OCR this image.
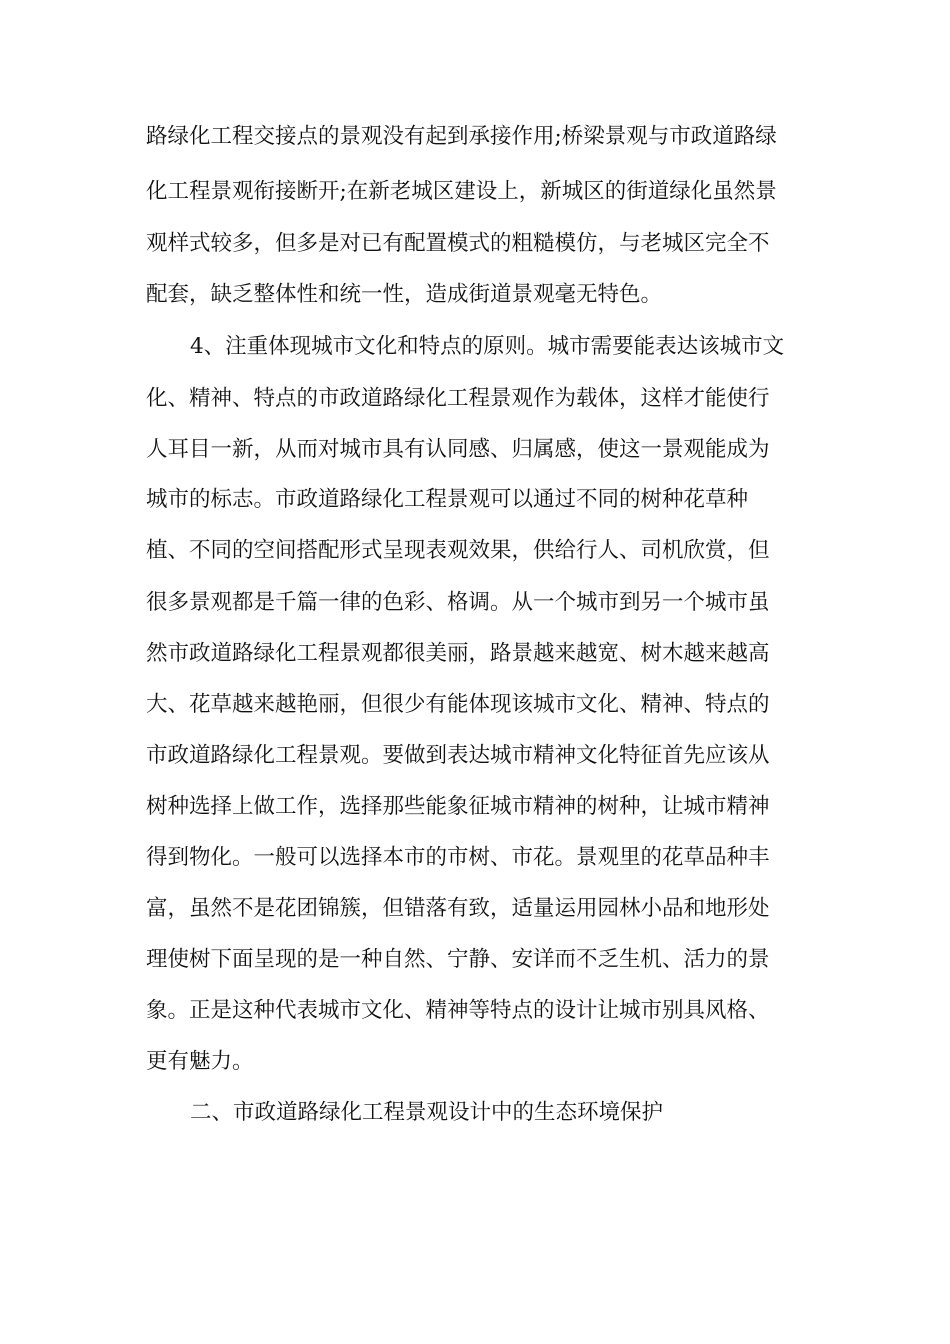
路绿化工程交接点的景观没有起到承接作用;桥梁景观与市政道路绿

化工程景观衔接断开;在新老城区建设上，新城区的街道绿化虽然景

观样式较多，但多是对已有配置模式的粗糙模仿，与老城区完全不

配套，缺乏整体性和统一性，造成街道景观毫无特色。

4、注重体现城市文化和特点的原则。城市需要能表达该城市文

化、精神、特点的市政道路绿化工程景观作为载体，这样才能使行

人耳目一新，从而对城市具有认同感、归属感，使这一景观能成为

城市的标志。市政道路绿化工程景观可以通过不同的树种花草种

植、不同的空间搭配形式呈现表观效果，供给行人、司机欣赏，但

很多景观都是千篇一律的色彩、格调。从一个城市到另一个城市虽

然市政道路绿化工程景观都很美丽，路景越来越宽、树木越来越高

大、花草越来越艳丽，但很少有能体现该城市文化、精神、特点的

市政道路绿化工程景观。要做到表达城市精神文化特征首先应该从

树种选择上做工作，选择那些能象征城市精神的树种，让城市精神

得到物化。一般可以选择本市的市树、市花。景观里的花草品种丰

富，虽然不是花团锦簇，但错落有致，适量运用园林小品和地形处

理使树下面呈现的是一种自然、宁静、安详而不乏生机、活力的景

象。正是这种代表城市文化、精神等特点的设计让城市别具风格、

更有魅力。

二、市政道路绿化工程景观设计中的生态环境保护
